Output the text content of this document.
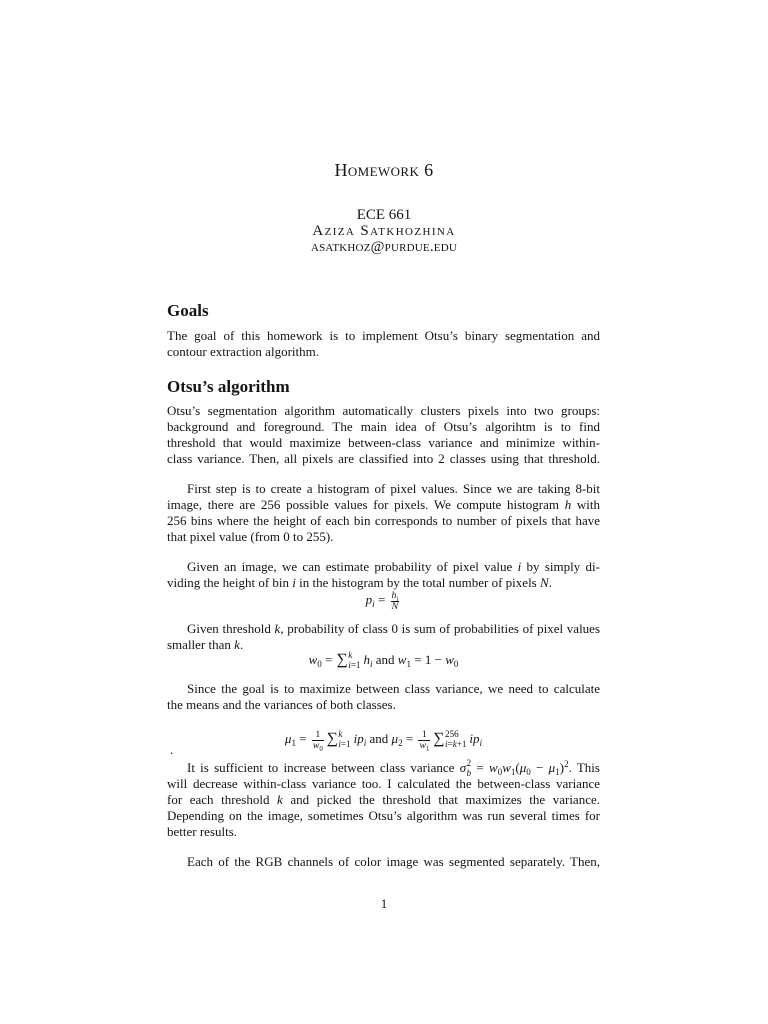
Homework 6
ECE 661
Aziza Satkhozhina
asatkhoz@purdue.edu
Goals
The goal of this homework is to implement Otsu’s binary segmentation and
contour extraction algorithm.
Otsu’s algorithm
Otsu’s segmentation algorithm automatically clusters pixels into two groups:
background and foreground. The main idea of Otsu’s algorihtm is to find
threshold that would maximize between-class variance and minimize within-
class variance. Then, all pixels are classified into 2 classes using that threshold.
First step is to create a histogram of pixel values. Since we are taking 8-bit
image, there are 256 possible values for pixels. We compute histogram h with
256 bins where the height of each bin corresponds to number of pixels that have
that pixel value (from 0 to 255).
Given an image, we can estimate probability of pixel value i by simply di-
viding the height of bin i in the histogram by the total number of pixels N.
$p_i = \frac{h_i}{N}$
Given threshold k, probability of class 0 is sum of probabilities of pixel values
smaller than k.
$w_0$ = ∑ k
i=1 $h_i$ and $w_1 = 1 - w_0$
Since the goal is to maximize between class variance, we need to calculate
the means and the variances of both classes.
$\mu_1 = \frac{1}{w_0}$ ∑ k
i=1 $ip_i$ and $\mu_2 = \frac{1}{w_1}$ ∑ 256
i=k+1 $ip_i$
.
It is sufficient to increase between class variance σ 2
$b = w_0w_1(\mu_0 - \mu_1)^2$. This
will decrease within-class variance too. I calculated the between-class variance
for each threshold k and picked the threshold that maximizes the variance.
Depending on the image, sometimes Otsu’s algorithm was run several times for
better results.
Each of the RGB channels of color image was segmented separately. Then,
1
